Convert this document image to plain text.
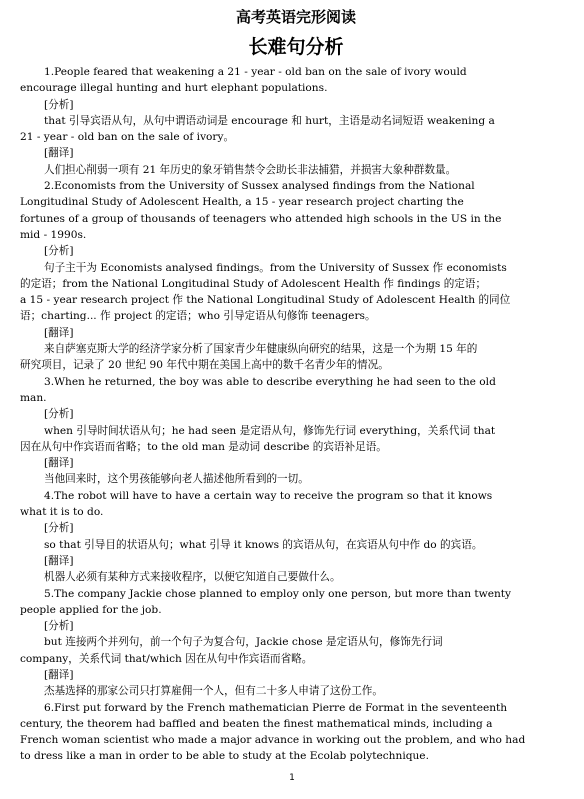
高考英语完形阅读
长难句分析
1.People feared that weakening a 21 - year - old ban on the sale of ivory would
encourage illegal hunting and hurt elephant populations.
[分析]
that 引导宾语从句，从句中谓语动词是 encourage 和 hurt，主语是动名词短语 weakening a
21 - year - old ban on the sale of ivory。
[翻译]
人们担心削弱一项有 21 年历史的象牙销售禁令会助长非法捕猎，并损害大象种群数量。
2.Economists from the University of Sussex analysed findings from the National
Longitudinal Study of Adolescent Health, a 15 - year research project charting the
fortunes of a group of thousands of teenagers who attended high schools in the US in the
mid - 1990s.
[分析]
句子主干为 Economists analysed findings。from the University of Sussex 作 economists
的定语；from the National Longitudinal Study of Adolescent Health 作 findings 的定语；
a 15 - year research project 作 the National Longitudinal Study of Adolescent Health 的同位
语；charting... 作 project 的定语；who 引导定语从句修饰 teenagers。
[翻译]
来自萨塞克斯大学的经济学家分析了国家青少年健康纵向研究的结果，这是一个为期 15 年的
研究项目，记录了 20 世纪 90 年代中期在美国上高中的数千名青少年的情况。
3.When he returned, the boy was able to describe everything he had seen to the old
man.
[分析]
when 引导时间状语从句；he had seen 是定语从句，修饰先行词 everything，关系代词 that
因在从句中作宾语而省略；to the old man 是动词 describe 的宾语补足语。
[翻译]
当他回来时，这个男孩能够向老人描述他所看到的一切。
4.The robot will have to have a certain way to receive the program so that it knows
what it is to do.
[分析]
so that 引导目的状语从句；what 引导 it knows 的宾语从句，在宾语从句中作 do 的宾语。
[翻译]
机器人必须有某种方式来接收程序，以便它知道自己要做什么。
5.The company Jackie chose planned to employ only one person, but more than twenty
people applied for the job.
[分析]
but 连接两个并列句，前一个句子为复合句，Jackie chose 是定语从句，修饰先行词
company，关系代词 that/which 因在从句中作宾语而省略。
[翻译]
杰基选择的那家公司只打算雇佣一个人，但有二十多人申请了这份工作。
6.First put forward by the French mathematician Pierre de Format in the seventeenth
century, the theorem had baffled and beaten the finest mathematical minds, including a
French woman scientist who made a major advance in working out the problem, and who had
to dress like a man in order to be able to study at the Ecolab polytechnique.
1
